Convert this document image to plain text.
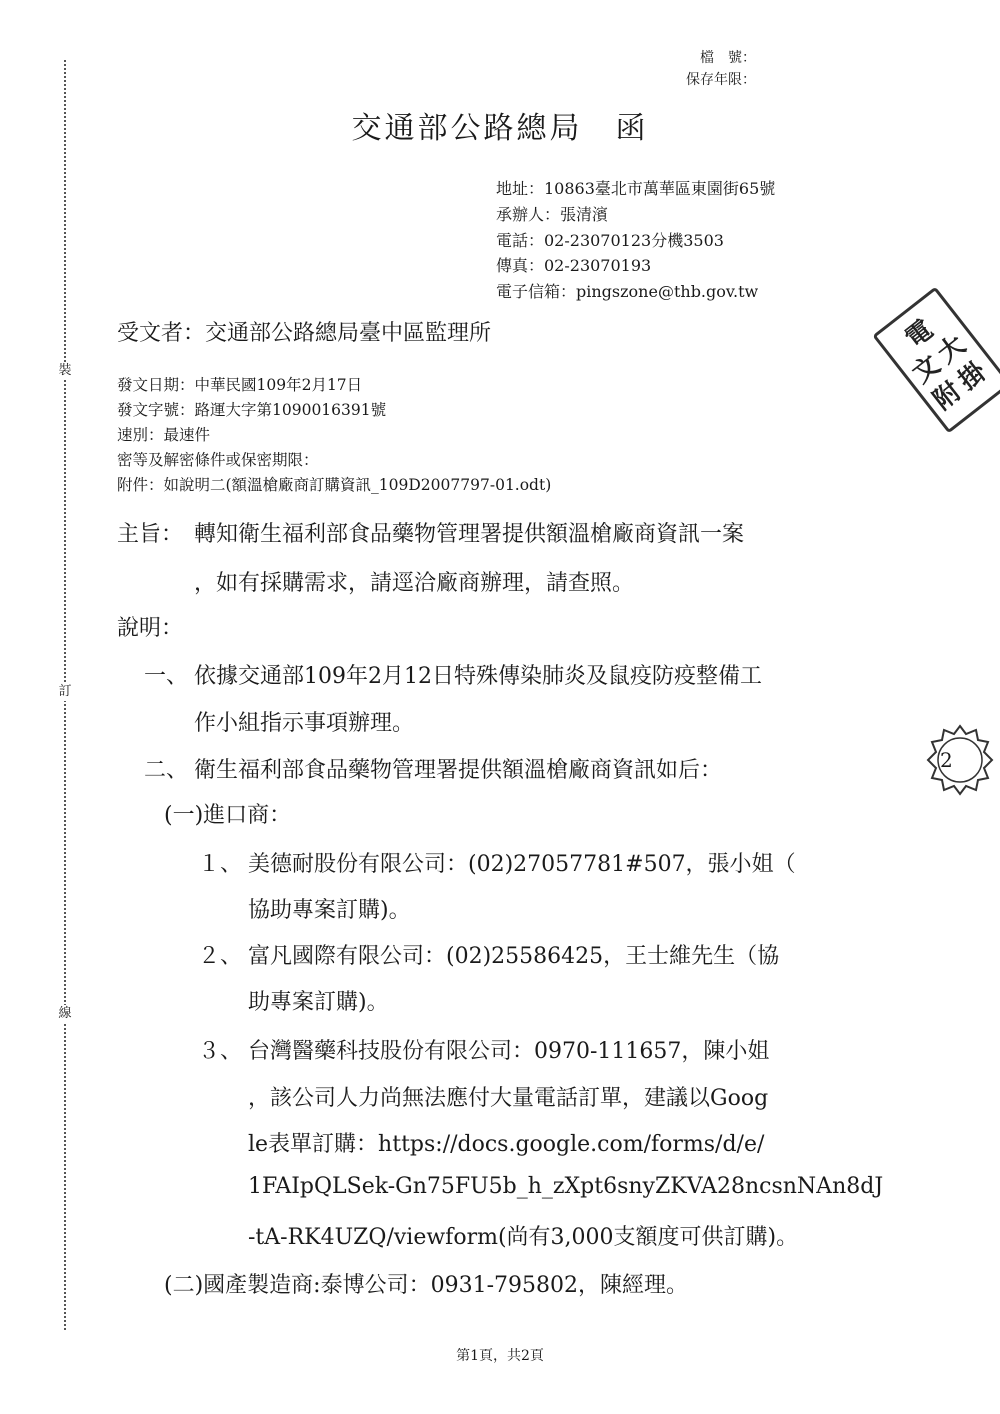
裝
訂
線
檔　號：
保存年限：
交通部公路總局　函
地址：10863臺北市萬華區東園街65號
承辦人：張清濱
電話：02-23070123分機3503
傳真：02-23070193
電子信箱：pingszone@thb.gov.tw
受文者：交通部公路總局臺中區監理所
發文日期：中華民國109年2月17日
發文字號：路運大字第1090016391號
速別：最速件
密等及解密條件或保密期限：
附件：如說明二(額溫槍廠商訂購資訊_109D2007797-01.odt)
主旨： 轉知衛生福利部食品藥物管理署提供額溫槍廠商資訊一案
，如有採購需求，請逕洽廠商辦理，請查照。
說明：
一、 依據交通部109年2月12日特殊傳染肺炎及鼠疫防疫整備工
作小組指示事項辦理。
二、 衛生福利部食品藥物管理署提供額溫槍廠商資訊如后：
(一)進口商：
１、 美德耐股份有限公司：(02)27057781#507，張小姐（
協助專案訂購)。
２、 富凡國際有限公司：(02)25586425，王士維先生（協
助專案訂購)。
３、 台灣醫藥科技股份有限公司：0970-111657，陳小姐
，該公司人力尚無法應付大量電話訂單，建議以Goog
le表單訂購：https://docs.google.com/forms/d/e/
1FAIpQLSek-Gn75FU5b_h_zXpt6snyZKVA28ncsnNAn8dJ
-tA-RK4UZQ/viewform(尚有3,000支額度可供訂購)。
(二)國產製造商:泰博公司：0931-795802，陳經理。
第1頁，共2頁
電
文
大
附
掛
2
